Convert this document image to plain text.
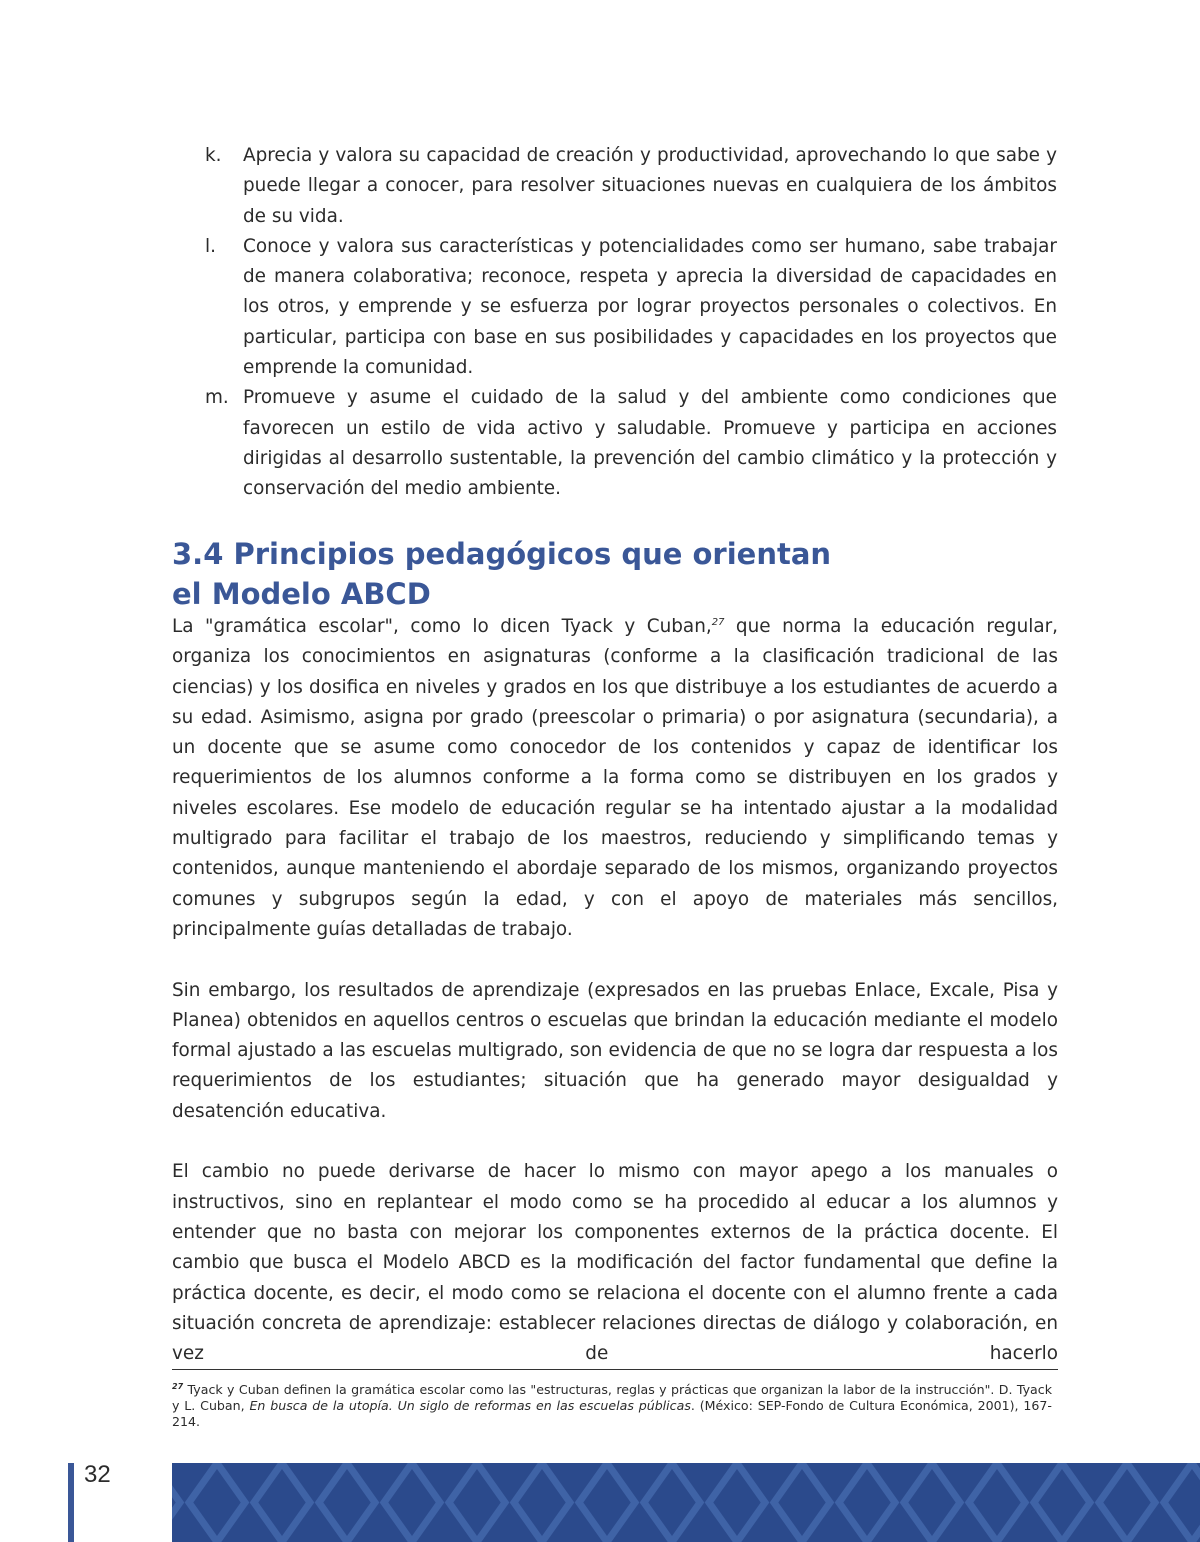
k. Aprecia y valora su capacidad de creación y productividad, aprovechando lo que sabe y puede llegar a conocer, para resolver situaciones nuevas en cualquiera de los ámbitos de su vida.
l. Conoce y valora sus características y potencialidades como ser humano, sabe trabajar de manera colaborativa; reconoce, respeta y aprecia la diversidad de capacidades en los otros, y emprende y se esfuerza por lograr proyectos personales o colectivos. En particular, participa con base en sus posibilidades y capacidades en los proyectos que emprende la comunidad.
m. Promueve y asume el cuidado de la salud y del ambiente como condiciones que favorecen un estilo de vida activo y saludable. Promueve y participa en acciones dirigidas al desarrollo sustentable, la prevención del cambio climático y la protección y conservación del medio ambiente.
3.4 Principios pedagógicos que orientan
el Modelo ABCD

La "gramática escolar", como lo dicen Tyack y Cuban,$^{27}$ que norma la educación regular, organiza los conocimientos en asignaturas (conforme a la clasificación tradicional de las ciencias) y los dosifica en niveles y grados en los que distribuye a los estudiantes de acuerdo a su edad. Asimismo, asigna por grado (preescolar o primaria) o por asignatura (secundaria), a un docente que se asume como conocedor de los contenidos y capaz de identificar los requerimientos de los alumnos conforme a la forma como se distribuyen en los grados y niveles escolares. Ese modelo de educación regular se ha intentado ajustar a la modalidad multigrado para facilitar el trabajo de los maestros, reduciendo y simplificando temas y contenidos, aunque manteniendo el abordaje separado de los mismos, organizando proyectos comunes y subgrupos según la edad, y con el apoyo de materiales más sencillos, principalmente guías detalladas de trabajo.

Sin embargo, los resultados de aprendizaje (expresados en las pruebas Enlace, Excale, Pisa y Planea) obtenidos en aquellos centros o escuelas que brindan la educación mediante el modelo formal ajustado a las escuelas multigrado, son evidencia de que no se logra dar respuesta a los requerimientos de los estudiantes; situación que ha generado mayor desigualdad y desatención educativa.

El cambio no puede derivarse de hacer lo mismo con mayor apego a los manuales o instructivos, sino en replantear el modo como se ha procedido al educar a los alumnos y entender que no basta con mejorar los componentes externos de la práctica docente. El cambio que busca el Modelo ABCD es la modificación del factor fundamental que define la práctica docente, es decir, el modo como se relaciona el docente con el alumno frente a cada situación concreta de aprendizaje: establecer relaciones directas de diálogo y colaboración, en vez de hacerlo

$^{27}$ Tyack y Cuban definen la gramática escolar como las "estructuras, reglas y prácticas que organizan la labor de la instrucción". D. Tyack y L. Cuban, En busca de la utopía. Un siglo de reformas en las escuelas públicas. (México: SEP-Fondo de Cultura Económica, 2001), 167-214.
32
